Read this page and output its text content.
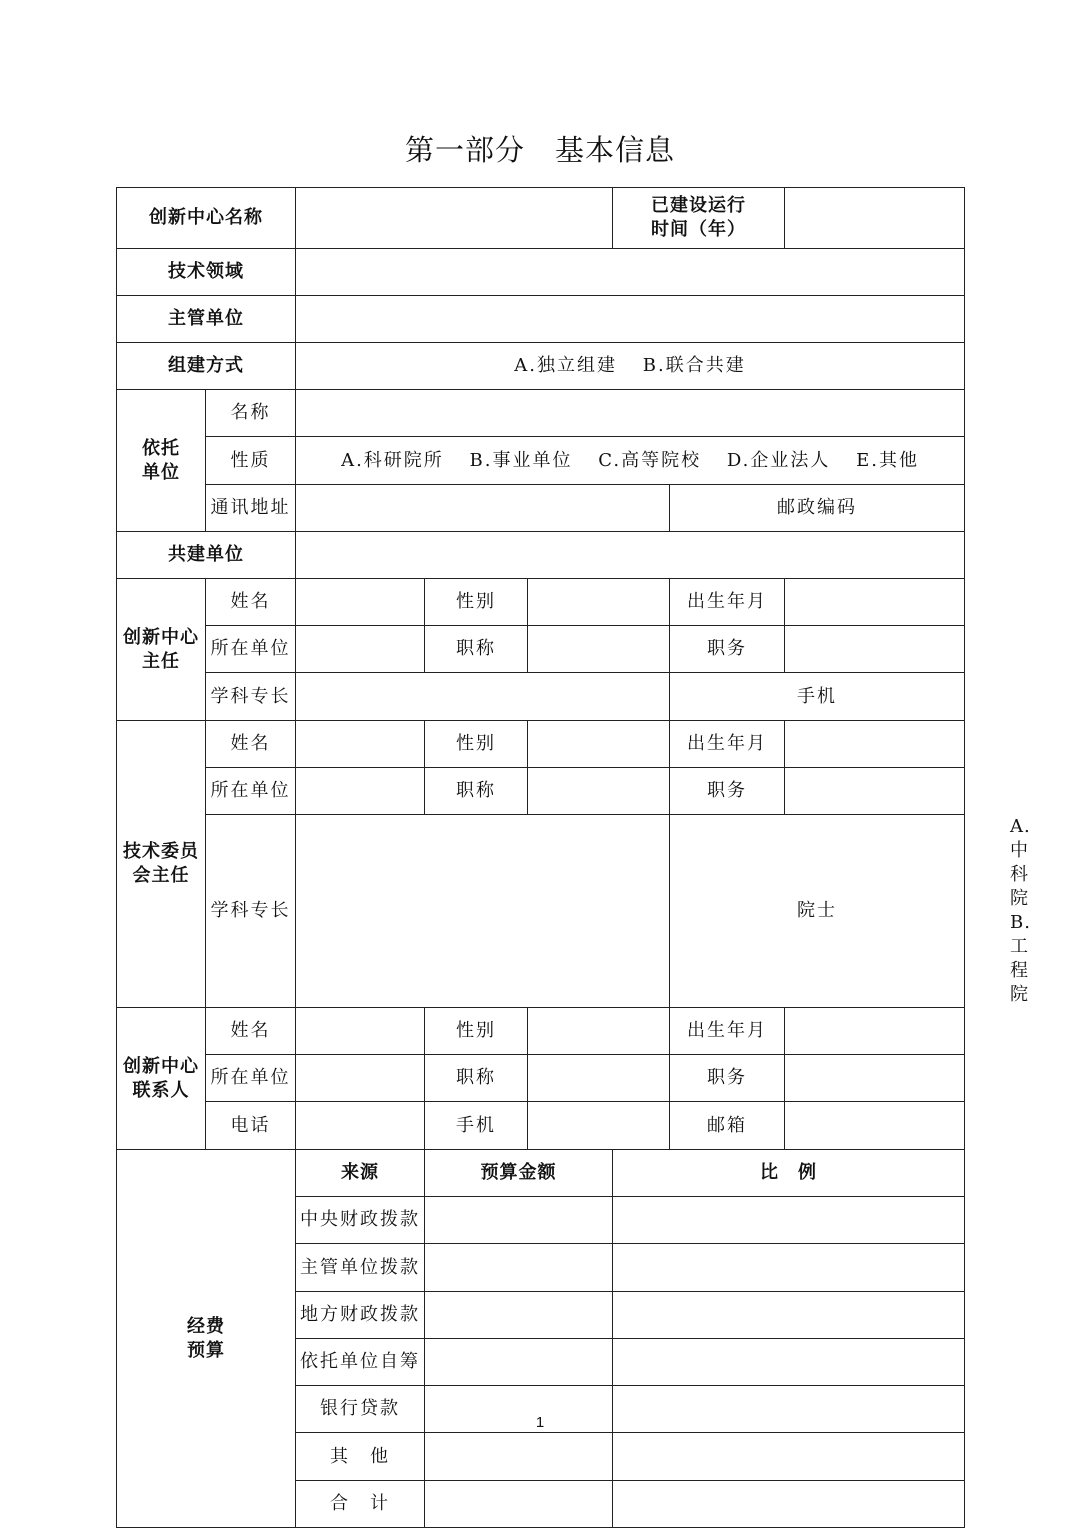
第一部分　基本信息
创新中心名称					已建设运行
时间（年）			

技术领域								
主管单位								
组建方式		A.独立组建 B.联合共建						

依托
单位	名称							
	性质	A.科研院所 B.事业单位 C.高等院校 D.企业法人 E.其他						
	通讯地址					邮政编码		
共建单位								

创新中心
主任	姓名		性别			出生年月		
	所在单位		职称			职务		
	学科专长					手机		

技术委员
会主任	姓名		性别			出生年月		
	所在单位		职称			职务		
	学科专长					院士		A. 中科院
B. 工程院

创新中心
联系人	姓名		性别			出生年月		
	所在单位		职称			职务		
	电话		手机			邮箱		

经费
预算		来源	预算金额		比　例			
		中央财政拨款						
		主管单位拨款						
		地方财政拨款						
		依托单位自筹						
		银行贷款						
		其　他						
		合　计						
1
